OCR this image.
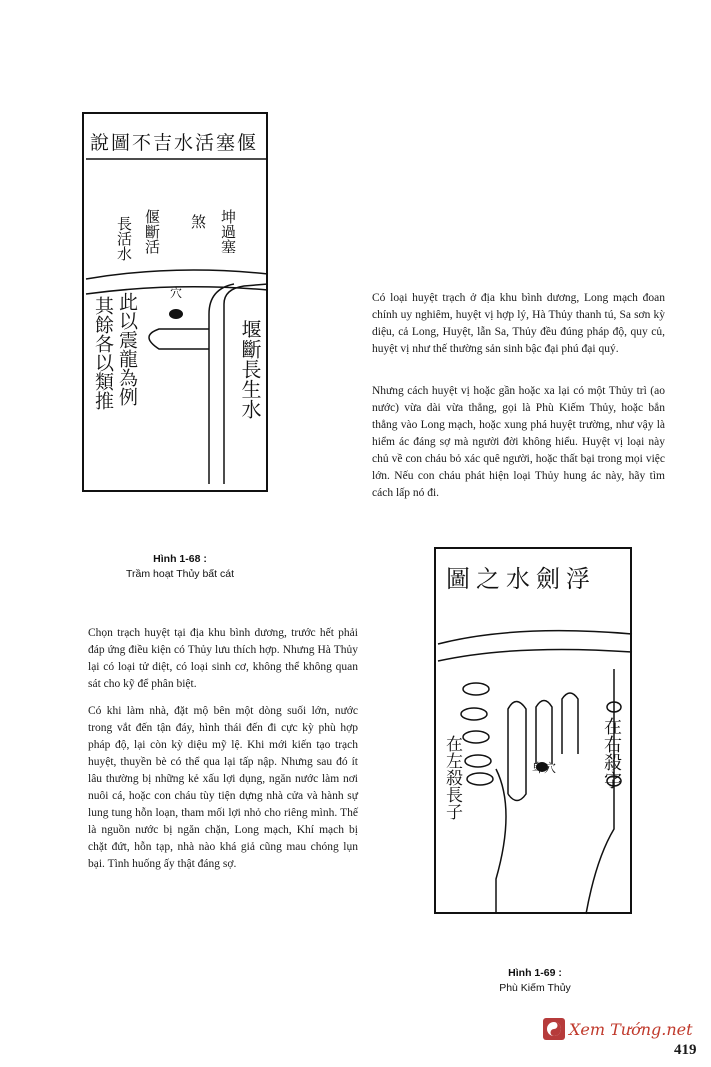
偃塞活水吉不圖說
坤過塞
煞
偃斷活
長活水
穴
此以震龍為例
其餘各以類推	堰斷長生水
Hình 1-68 :
Trầm hoạt Thủy bất cát
Có loại huyệt trạch ở địa khu bình dương, Long mạch đoan chính uy nghiêm, huyệt vị hợp lý, Hà Thủy thanh tú, Sa sơn kỳ diệu, cả Long, Huyệt, lẫn Sa, Thủy đều đúng pháp độ, quy củ, huyệt vị như thế thường sản sinh bậc đại phú đại quý.
Nhưng cách huyệt vị hoặc gần hoặc xa lại có một Thủy trì (ao nước) vừa dài vừa thẳng, gọi là Phù Kiếm Thủy, hoặc bắn thẳng vào Long mạch, hoặc xung phá huyệt trường, như vậy là hiểm ác đáng sợ mà người đời không hiểu. Huyệt vị loại này chủ về con cháu bỏ xác quê người, hoặc thất bại trong mọi việc lớn. Nếu con cháu phát hiện loại Thủy hung ác này, hãy tìm cách lấp nó đi.
浮劍水之圖
在右殺字
在左殺長子	卑穴
Hình 1-69 :
Phù Kiếm Thủy
Chọn trạch huyệt tại địa khu bình dương, trước hết phải đáp ứng điều kiện có Thủy lưu thích hợp. Nhưng Hà Thủy lại có loại tử diệt, có loại sinh cơ, không thể không quan sát cho kỹ để phân biệt.
Có khi làm nhà, đặt mộ bên một dòng suối lớn, nước trong vắt đến tận đáy, hình thái đến đi cực kỳ phù hợp pháp độ, lại còn kỳ diệu mỹ lệ. Khi mới kiến tạo trạch huyệt, thuyền bè có thể qua lại tấp nập. Nhưng sau đó ít lâu thường bị những kẻ xấu lợi dụng, ngăn nước làm nơi nuôi cá, hoặc con cháu tùy tiện dựng nhà cửa và hành sự lung tung hỗn loạn, tham mối lợi nhỏ cho riêng mình. Thế là nguồn nước bị ngăn chặn, Long mạch, Khí mạch bị chặt đứt, hỗn tạp, nhà nào khá giả cũng mau chóng lụn bại. Tình huống ấy thật đáng sợ.
Xem Tướng.net
419
